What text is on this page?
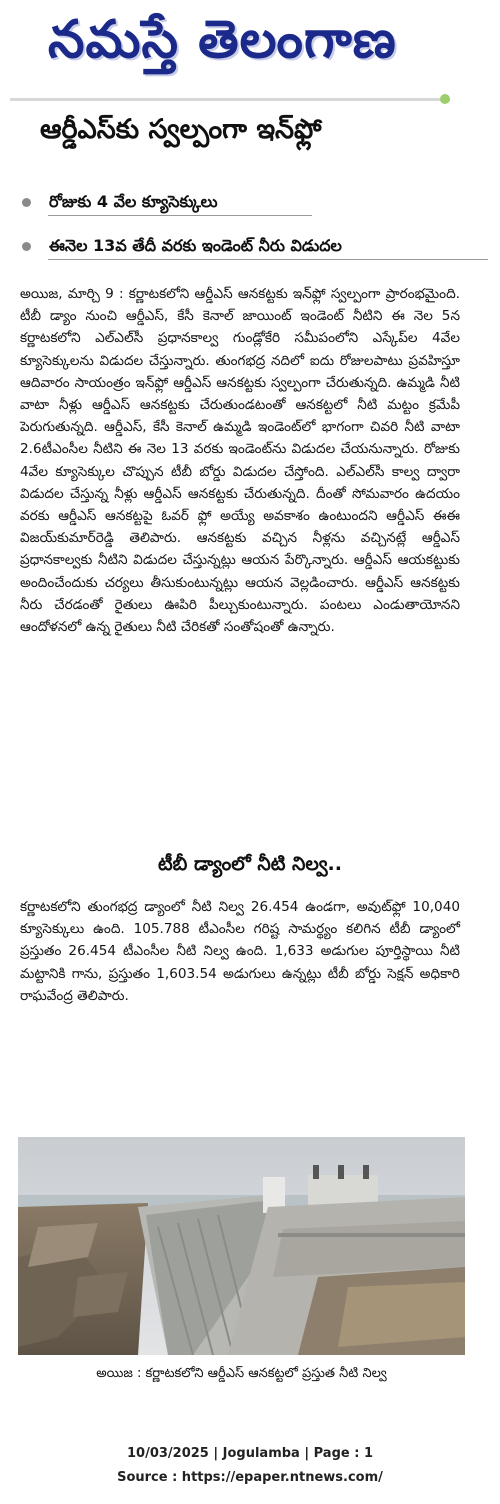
నమస్తే తెలంగాణ
ఆర్డీఎస్‌కు స్వల్పంగా ఇన్‌ఫ్లో
రోజుకు 4 వేల క్యూసెక్కులు
ఈనెల 13వ తేదీ వరకు ఇండెంట్ నీరు విడుదల
అయిజ, మార్చి 9 : కర్ణాటకలోని ఆర్డీఎస్ ఆనకట్టకు ఇన్‌ఫ్లో స్వల్పంగా ప్రారంభమైంది. టీబీ డ్యాం నుంచి ఆర్డీఎస్, కేసీ కెనాల్ జాయింట్ ఇండెంట్ నీటిని ఈ నెల 5న కర్ణాటకలోని ఎల్‌ఎల్‌సీ ప్రధానకాల్వ గుండ్లోకేరి సమీపంలోని ఎస్కేప్‌ల 4వేల క్యూసెక్కులను విడుదల చేస్తున్నారు. తుంగభద్ర నదిలో ఐదు రోజులపాటు ప్రవహిస్తూ ఆదివారం సాయంత్రం ఇన్‌ఫ్లో ఆర్డీఎస్ ఆనకట్టకు స్వల్పంగా చేరుతున్నది. ఉమ్మడి నీటి వాటా నీళ్లు ఆర్డీఎస్ ఆనకట్టకు చేరుతుండటంతో ఆనకట్టలో నీటి మట్టం క్రమేపీ పెరుగుతున్నది. ఆర్డీఎస్, కేసీ కెనాల్ ఉమ్మడి ఇండెంట్‌లో భాగంగా చివరి నీటి వాటా 2.6టీఎంసీల నీటిని ఈ నెల 13 వరకు ఇండెంట్‌ను విడుదల చేయనున్నారు. రోజుకు 4వేల క్యూసెక్కుల చొప్పున టీబీ బోర్డు విడుదల చేస్తోంది. ఎల్‌ఎల్‌సీ కాల్వ ద్వారా విడుదల చేస్తున్న నీళ్లు ఆర్డీఎస్ ఆనకట్టకు చేరుతున్నది. దీంతో సోమవారం ఉదయం వరకు ఆర్డీఎస్ ఆనకట్టపై ఓవర్ ఫ్లో అయ్యే అవకాశం ఉంటుందని ఆర్డీఎస్ ఈఈ విజయ్‌కుమార్‌రెడ్డి తెలిపారు. ఆనకట్టకు వచ్చిన నీళ్లను వచ్చినట్లే ఆర్డీఎస్ ప్రధానకాల్వకు నీటిని విడుదల చేస్తున్నట్లు ఆయన పేర్కొన్నారు. ఆర్డీఎస్ ఆయకట్టుకు అందించేందుకు చర్యలు తీసుకుంటున్నట్లు ఆయన వెల్లడించారు. ఆర్డీఎస్ ఆనకట్టకు నీరు చేరడంతో రైతులు ఊపిరి పీల్చుకుంటున్నారు. పంటలు ఎండుతాయోనని ఆందోళనలో ఉన్న రైతులు నీటి చేరికతో సంతోషంతో ఉన్నారు.
టీబీ డ్యాంలో నీటి నిల్వ..
కర్ణాటకలోని తుంగభద్ర డ్యాంలో నీటి నిల్వ 26.454 ఉండగా, అవుట్‌ఫ్లో 10,040 క్యూసెక్కులు ఉంది. 105.788 టీఎంసీల గరిష్ట సామర్థ్యం కలిగిన టీబీ డ్యాంలో ప్రస్తుతం 26.454 టీఎంసీల నీటి నిల్వ ఉంది. 1,633 అడుగుల పూర్తిస్థాయి నీటి మట్టానికి గాను, ప్రస్తుతం 1,603.54 అడుగులు ఉన్నట్లు టీబీ బోర్డు సెక్షన్ అధికారి రాఘవేంద్ర తెలిపారు.
అయిజ : కర్ణాటకలోని ఆర్డీఎస్ ఆనకట్టలో ప్రస్తుత నీటి నిల్వ
10/03/2025 | Jogulamba | Page : 1
Source : https://epaper.ntnews.com/
